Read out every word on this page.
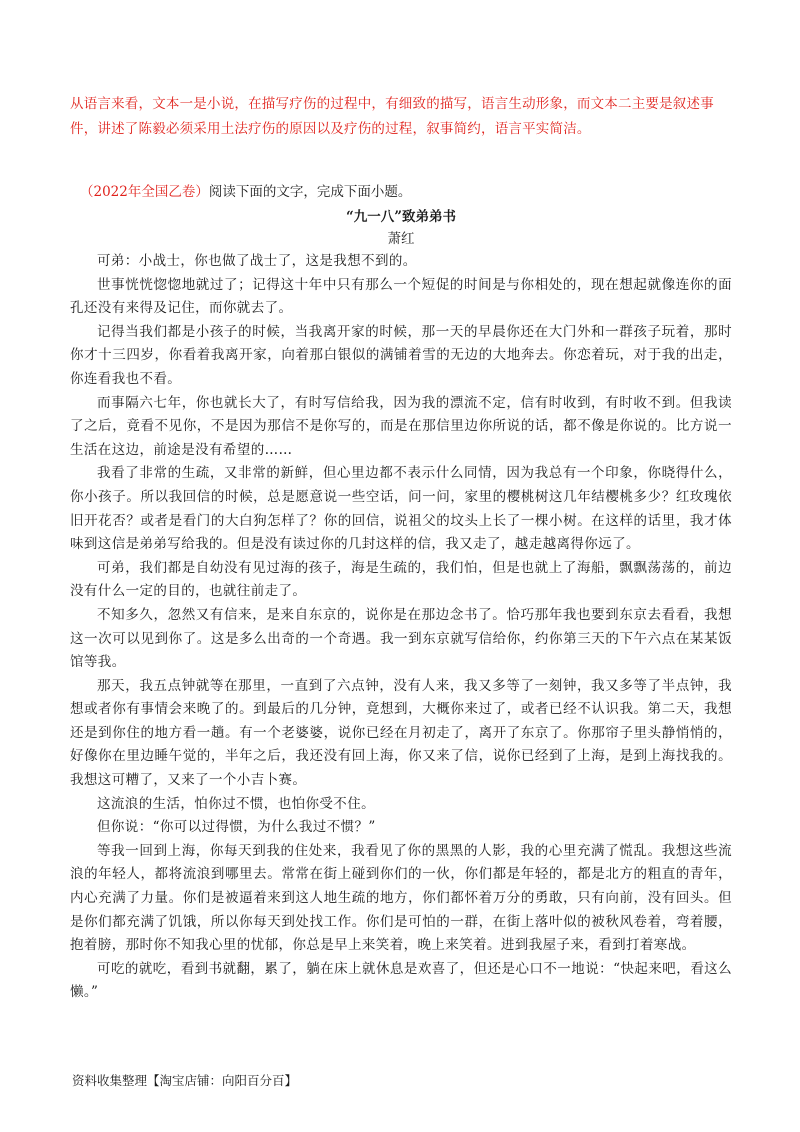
从语言来看，文本一是小说，在描写疗伤的过程中，有细致的描写，语言生动形象，而文本二主要是叙述事件，讲述了陈毅必须采用土法疗伤的原因以及疗伤的过程，叙事简约，语言平实简洁。

（2022年全国乙卷）阅读下面的文字，完成下面小题。
“九一八”致弟弟书
萧红

可弟：小战士，你也做了战士了，这是我想不到的。

世事恍恍惚惚地就过了；记得这十年中只有那么一个短促的时间是与你相处的，现在想起就像连你的面孔还没有来得及记住，而你就去了。

记得当我们都是小孩子的时候，当我离开家的时候，那一天的早晨你还在大门外和一群孩子玩着，那时你才十三四岁，你看着我离开家，向着那白银似的满铺着雪的无边的大地奔去。你恋着玩，对于我的出走，你连看我也不看。

而事隔六七年，你也就长大了，有时写信给我，因为我的漂流不定，信有时收到，有时收不到。但我读了之后，竟看不见你，不是因为那信不是你写的，而是在那信里边你所说的话，都不像是你说的。比方说一生活在这边，前途是没有希望的……

我看了非常的生疏，又非常的新鲜，但心里边都不表示什么同情，因为我总有一个印象，你晓得什么，你小孩子。所以我回信的时候，总是愿意说一些空话，问一问，家里的樱桃树这几年结樱桃多少？红玫瑰依旧开花否？或者是看门的大白狗怎样了？你的回信，说祖父的坟头上长了一棵小树。在这样的话里，我才体味到这信是弟弟写给我的。但是没有读过你的几封这样的信，我又走了，越走越离得你远了。

可弟，我们都是自幼没有见过海的孩子，海是生疏的，我们怕，但是也就上了海船，飘飘荡荡的，前边没有什么一定的目的，也就往前走了。

不知多久，忽然又有信来，是来自东京的，说你是在那边念书了。恰巧那年我也要到东京去看看，我想这一次可以见到你了。这是多么出奇的一个奇遇。我一到东京就写信给你，约你第三天的下午六点在某某饭馆等我。

那天，我五点钟就等在那里，一直到了六点钟，没有人来，我又多等了一刻钟，我又多等了半点钟，我想或者你有事情会来晚了的。到最后的几分钟，竟想到，大概你来过了，或者已经不认识我。第二天，我想还是到你住的地方看一趟。有一个老婆婆，说你已经在月初走了，离开了东京了。你那帘子里头静悄悄的，好像你在里边睡午觉的，半年之后，我还没有回上海，你又来了信，说你已经到了上海，是到上海找我的。我想这可糟了，又来了一个小吉卜赛。

这流浪的生活，怕你过不惯，也怕你受不住。

但你说：“你可以过得惯，为什么我过不惯？”

等我一回到上海，你每天到我的住处来，我看见了你的黑黑的人影，我的心里充满了慌乱。我想这些流浪的年轻人，都将流浪到哪里去。常常在街上碰到你们的一伙，你们都是年轻的，都是北方的粗直的青年，内心充满了力量。你们是被逼着来到这人地生疏的地方，你们都怀着万分的勇敢，只有向前，没有回头。但是你们都充满了饥饿，所以你每天到处找工作。你们是可怕的一群，在街上落叶似的被秋风卷着，弯着腰，抱着膀，那时你不知我心里的忧郁，你总是早上来笑着，晚上来笑着。进到我屋子来，看到打着寒战。

可吃的就吃，看到书就翻，累了，躺在床上就休息是欢喜了，但还是心口不一地说：“快起来吧，看这么懒。”

资料收集整理【淘宝店铺：向阳百分百】
